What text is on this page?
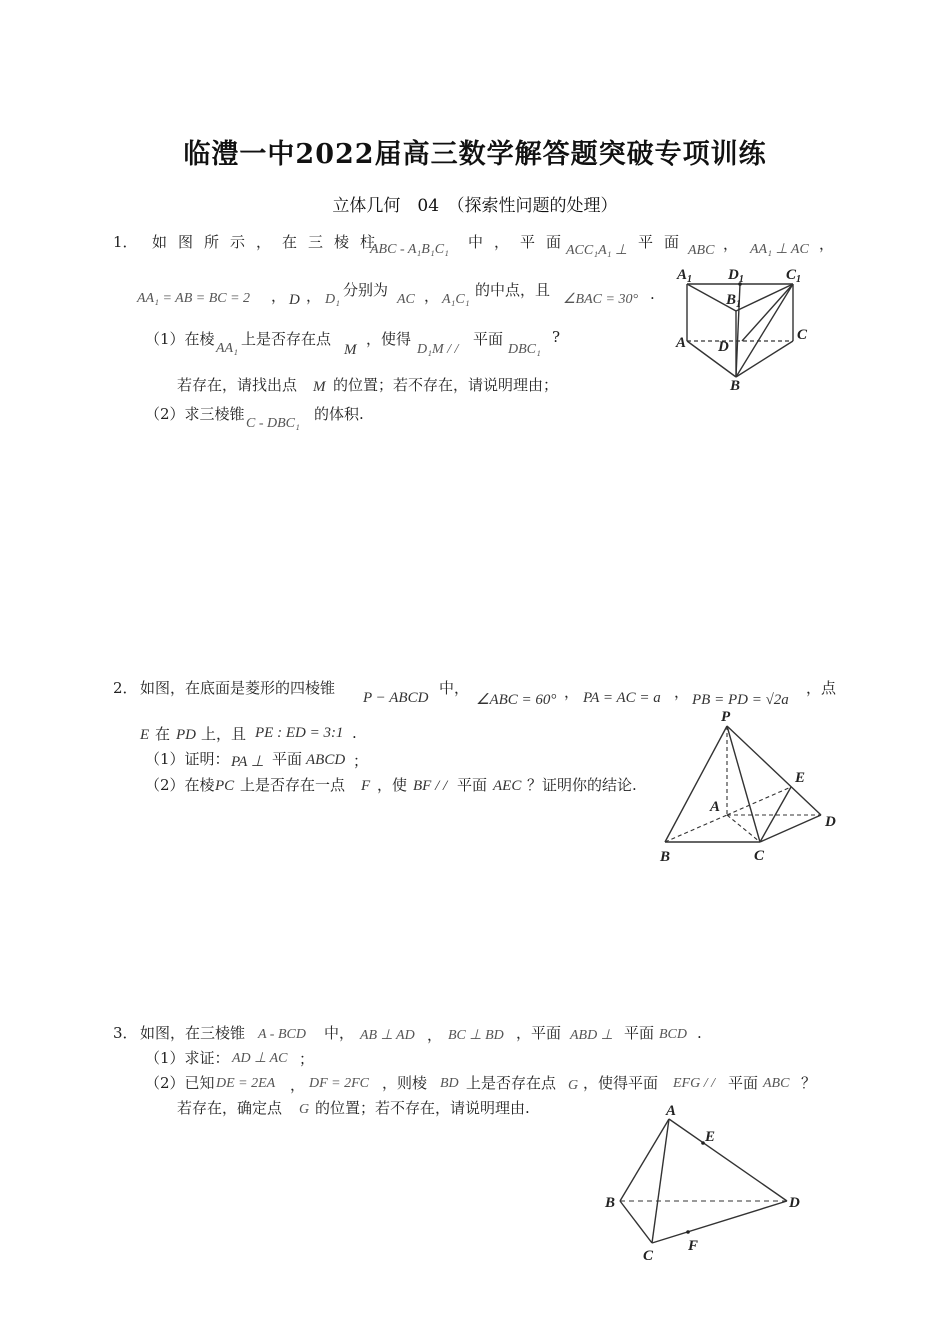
临澧一中2022届高三数学解答题突破专项训练
立体几何　04　（探索性问题的处理）
1． 如图所示，在三棱柱
ABC - A₁B₁C₁ 中，平面
ACC₁A₁ ⊥ 平面
ABC ， AA₁ ⊥ AC ，
AA₁ = AB = BC = 2 ， D ， D₁
分别为
AC ， A₁C₁
的中点，且
∠BAC = 30° .
（1）在棱
AA₁
上是否存在点
M
，使得
D₁M / /
平面
DBC₁
?
若存在，请找出点 M 的位置；若不存在，请说明理由；
（2）求三棱锥
C - DBC₁
的体积.
$A_1$ $D_1$	$C_1$
$B_1$
A D
C
B
2． 如图，在底面是菱形的四棱锥
P − ABCD
中，
∠ABC = 60° ， PA = AC = a ， PB = PD = √2a
，点
E 在 PD 上，且 PE : ED = 3:1 .
（1）证明： PA ⊥ 平面 ABCD ；
（2）在棱 PC 上是否存在一点 F ，使 BF / / 平面 AEC ？证明你的结论.
P
E
A
D
B	C
3． 如图，在三棱锥 A - BCD 中， AB ⊥ AD ， BC ⊥ BD ，平面 ABD ⊥ 平面 BCD .
（1）求证： AD ⊥ AC ；
（2）已知 DE = 2EA ， DF = 2FC ，则棱 BD 上是否存在点 G ，使得平面 EFG / / 平面 ABC ？
若存在，确定点 G 的位置；若不存在，请说明理由.	A
E
B	D
C
F
